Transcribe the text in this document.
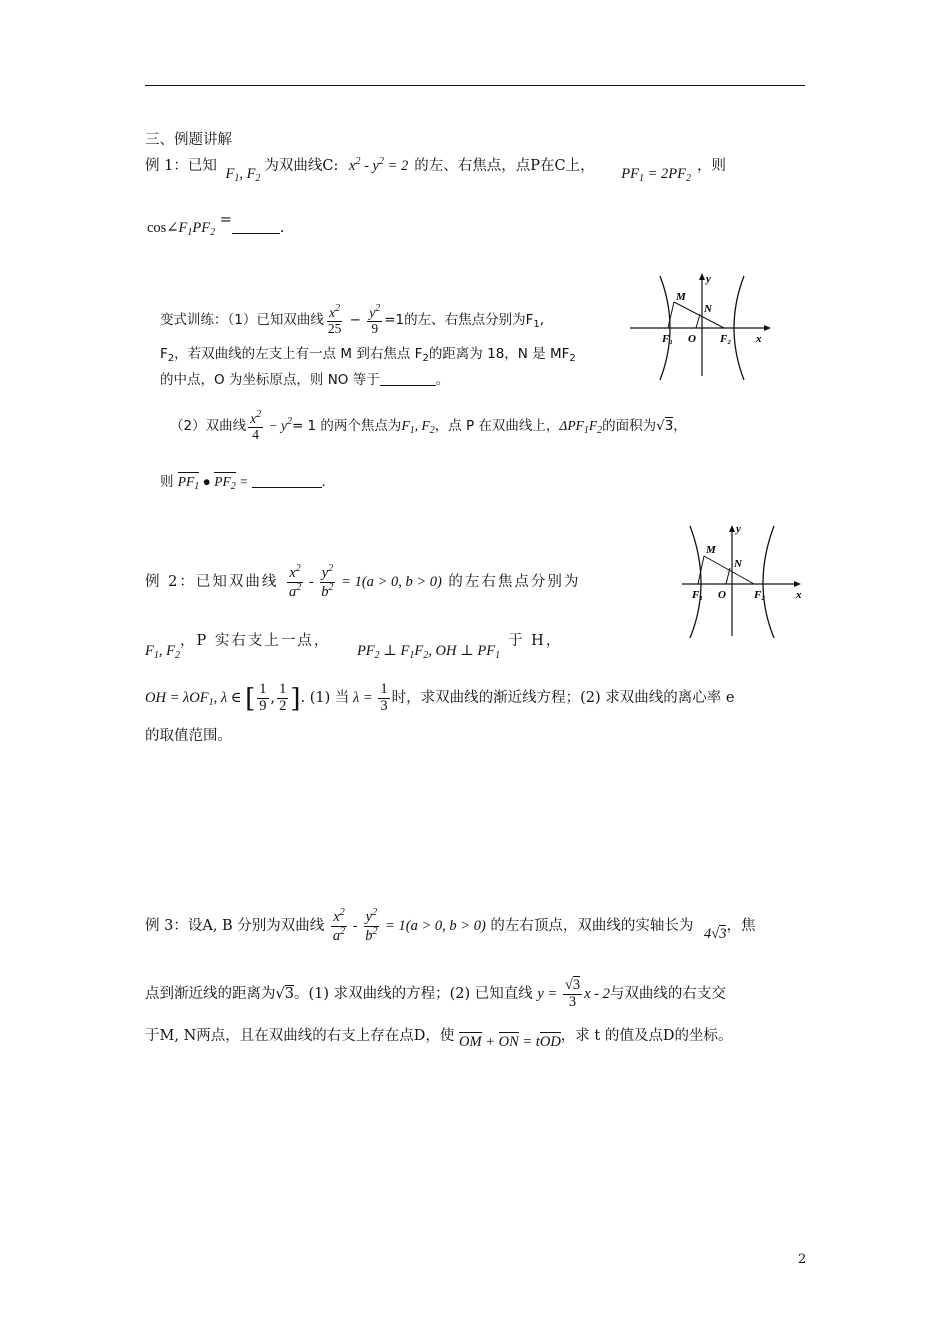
三、例题讲解
例 1：已知 $F_1$, $F_2$为双曲线C: $x^2 - y^2 = 2$ 的左、右焦点，点P在C上， $PF_1 = 2PF_2$，则
$\cos\angle F_1PF_2$ =	.
变式训练：（1）已知双曲线 $\frac{x^2}{25} - \frac{y^2}{9} =1$的左、右焦点分别为$F_1$,
$F_2$，若双曲线的左支上有一点 M 到右焦点 $F_2$的距离为 18，N 是 $MF_2$
的中点，O 为坐标原点，则 NO 等于	。
y
M
N
F₁ O F₂ x
（2）双曲线 $\frac{x^2}{4} - y^2= 1$ 的两个焦点为$F_1$, $F_2$，点 P 在双曲线上，$\Delta PF_1F_2$的面积为√3，
则 $PF_1$ ● $PF_2$ =	.
例 2：已知双曲线 $\frac{x^2}{a^2} - \frac{y^2}{b^2} = 1(a > 0$, b > 0) 的左右焦点分别为
$F_1$, $F_2$，P 实右支上一点， $PF_2$ ⊥ $F_1F_2$, OH ⊥ $PF_1$于 H，
OH = λOF$_1$, λ ∈ [ $\frac{1}{9}$ , $\frac{1}{2}$ ]. (1) 当 $\lambda = \frac{1}{3}$ 时，求双曲线的渐近线方程；(2) 求双曲线的离心率 e
的取值范围。
y
M
N
F₁ O	F₂	x
例 3：设A, B 分别为双曲线 $\frac{x^2}{a^2} - \frac{y^2}{b^2} = 1(a > 0$, b > 0) 的左右顶点，双曲线的实轴长为 4√3，焦
点到渐近线的距离为√3。(1) 求双曲线的方程；(2) 已知直线 $y = \frac{√3}{3}$ x - 2与双曲线的右支交
于M, N两点，且在双曲线的右支上存在点D，使 OM + ON = tOD，求 t 的值及点D的坐标。
2
